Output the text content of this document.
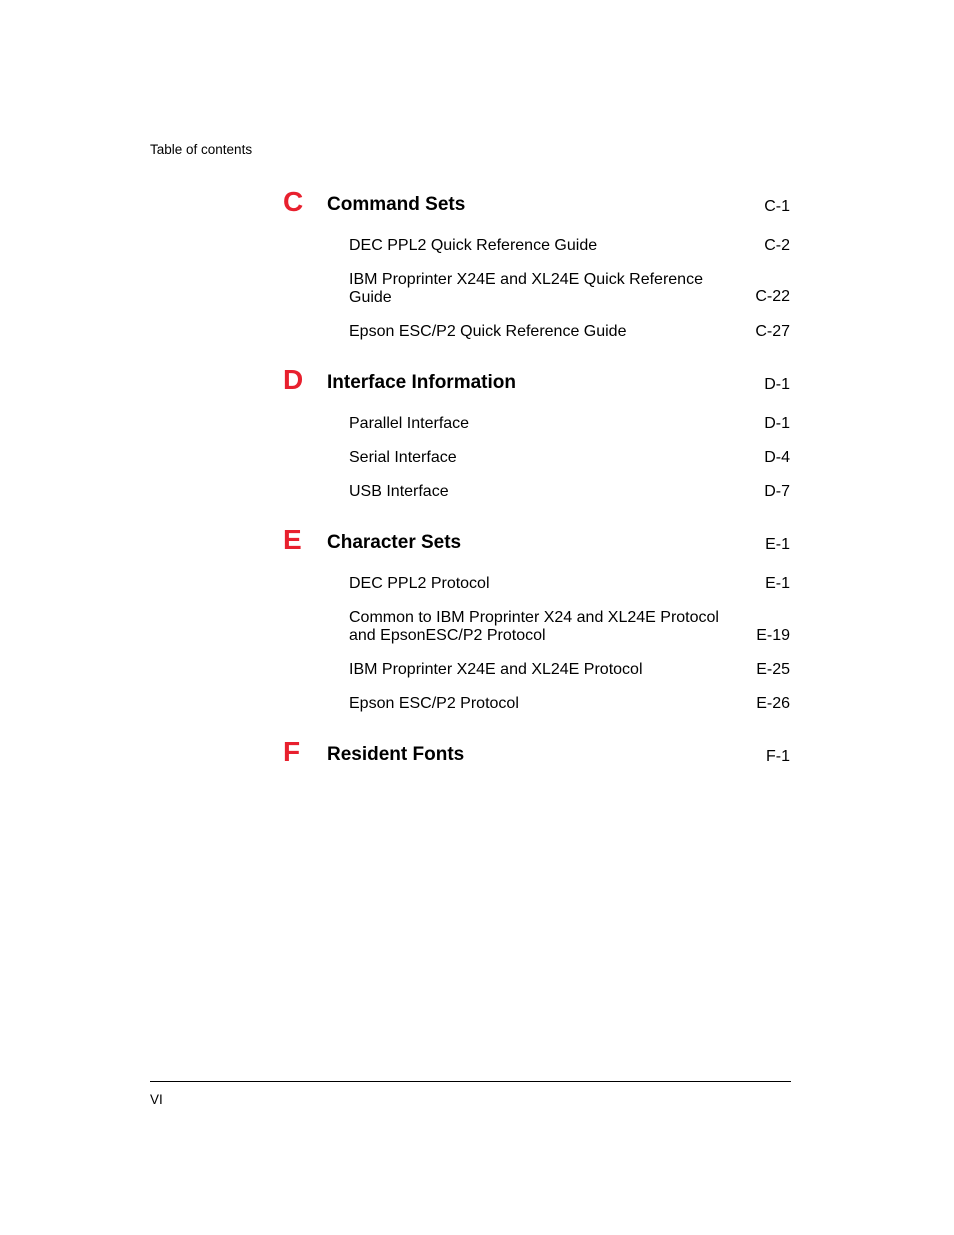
Table of contents
C Command Sets	C-1
DEC PPL2 Quick Reference Guide	C-2
IBM Proprinter X24E and XL24E Quick Reference Guide	C-22
Epson ESC/P2 Quick Reference Guide	C-27
D Interface Information	D-1
Parallel Interface	D-1
Serial Interface	D-4
USB Interface	D-7
E Character Sets	E-1
DEC PPL2 Protocol	E-1
Common to IBM Proprinter X24 and XL24E Protocol and EpsonESC/P2 Protocol	E-19
IBM Proprinter X24E and XL24E Protocol	E-25
Epson ESC/P2 Protocol	E-26
F Resident Fonts	F-1
VI
